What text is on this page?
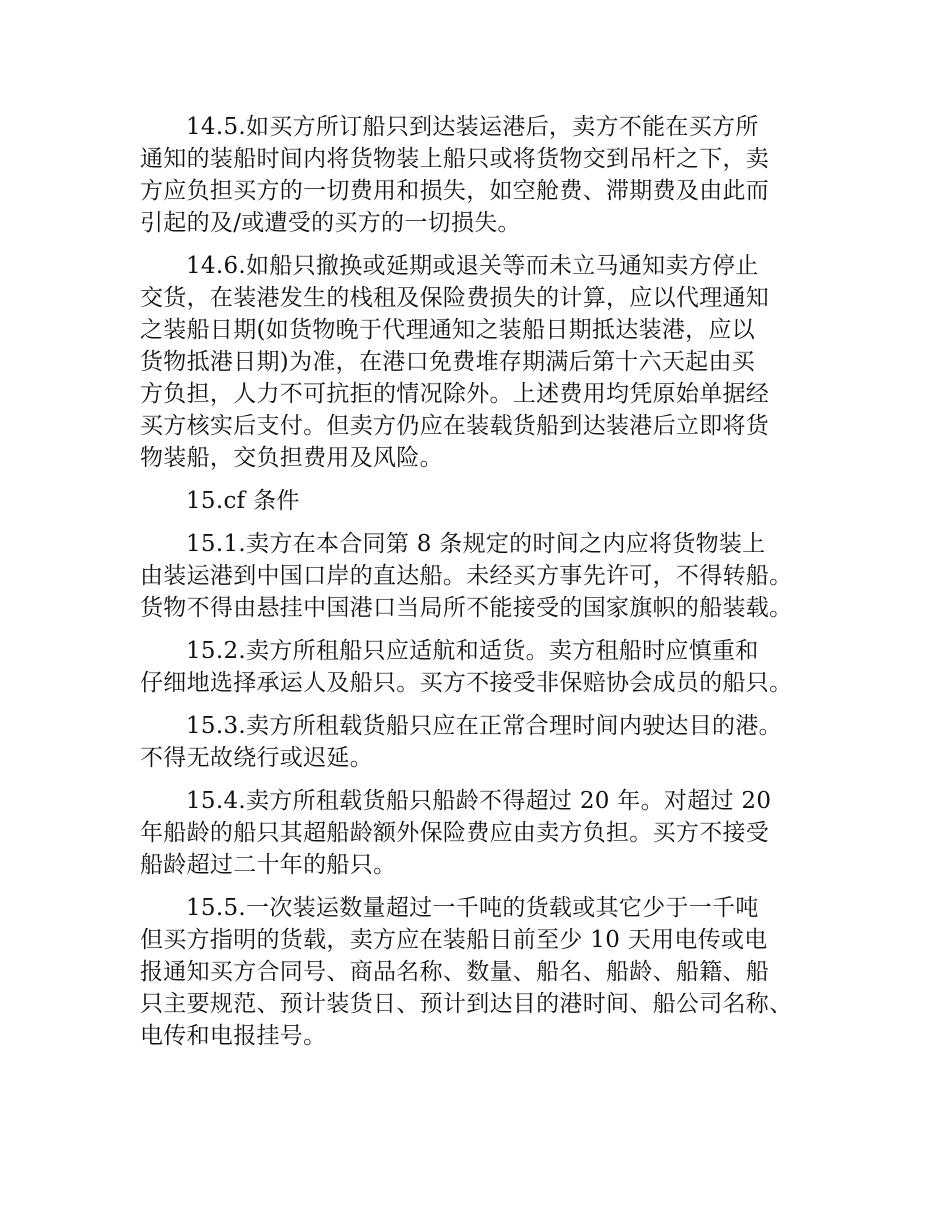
14.5.如买方所订船只到达装运港后，卖方不能在买方所
通知的装船时间内将货物装上船只或将货物交到吊杆之下，卖
方应负担买方的一切费用和损失，如空舱费、滞期费及由此而
引起的及/或遭受的买方的一切损失。

14.6.如船只撤换或延期或退关等而未立马通知卖方停止
交货，在装港发生的栈租及保险费损失的计算，应以代理通知
之装船日期(如货物晚于代理通知之装船日期抵达装港，应以
货物抵港日期)为准，在港口免费堆存期满后第十六天起由买
方负担，人力不可抗拒的情况除外。上述费用均凭原始单据经
买方核实后支付。但卖方仍应在装载货船到达装港后立即将货
物装船，交负担费用及风险。

15.cf 条件

15.1.卖方在本合同第 8 条规定的时间之内应将货物装上
由装运港到中国口岸的直达船。未经买方事先许可，不得转船。
货物不得由悬挂中国港口当局所不能接受的国家旗帜的船装载。

15.2.卖方所租船只应适航和适货。卖方租船时应慎重和
仔细地选择承运人及船只。买方不接受非保赔协会成员的船只。

15.3.卖方所租载货船只应在正常合理时间内驶达目的港。
不得无故绕行或迟延。

15.4.卖方所租载货船只船龄不得超过 20 年。对超过 20
年船龄的船只其超船龄额外保险费应由卖方负担。买方不接受
船龄超过二十年的船只。

15.5.一次装运数量超过一千吨的货载或其它少于一千吨
但买方指明的货载，卖方应在装船日前至少 10 天用电传或电
报通知买方合同号、商品名称、数量、船名、船龄、船籍、船
只主要规范、预计装货日、预计到达目的港时间、船公司名称、
电传和电报挂号。
